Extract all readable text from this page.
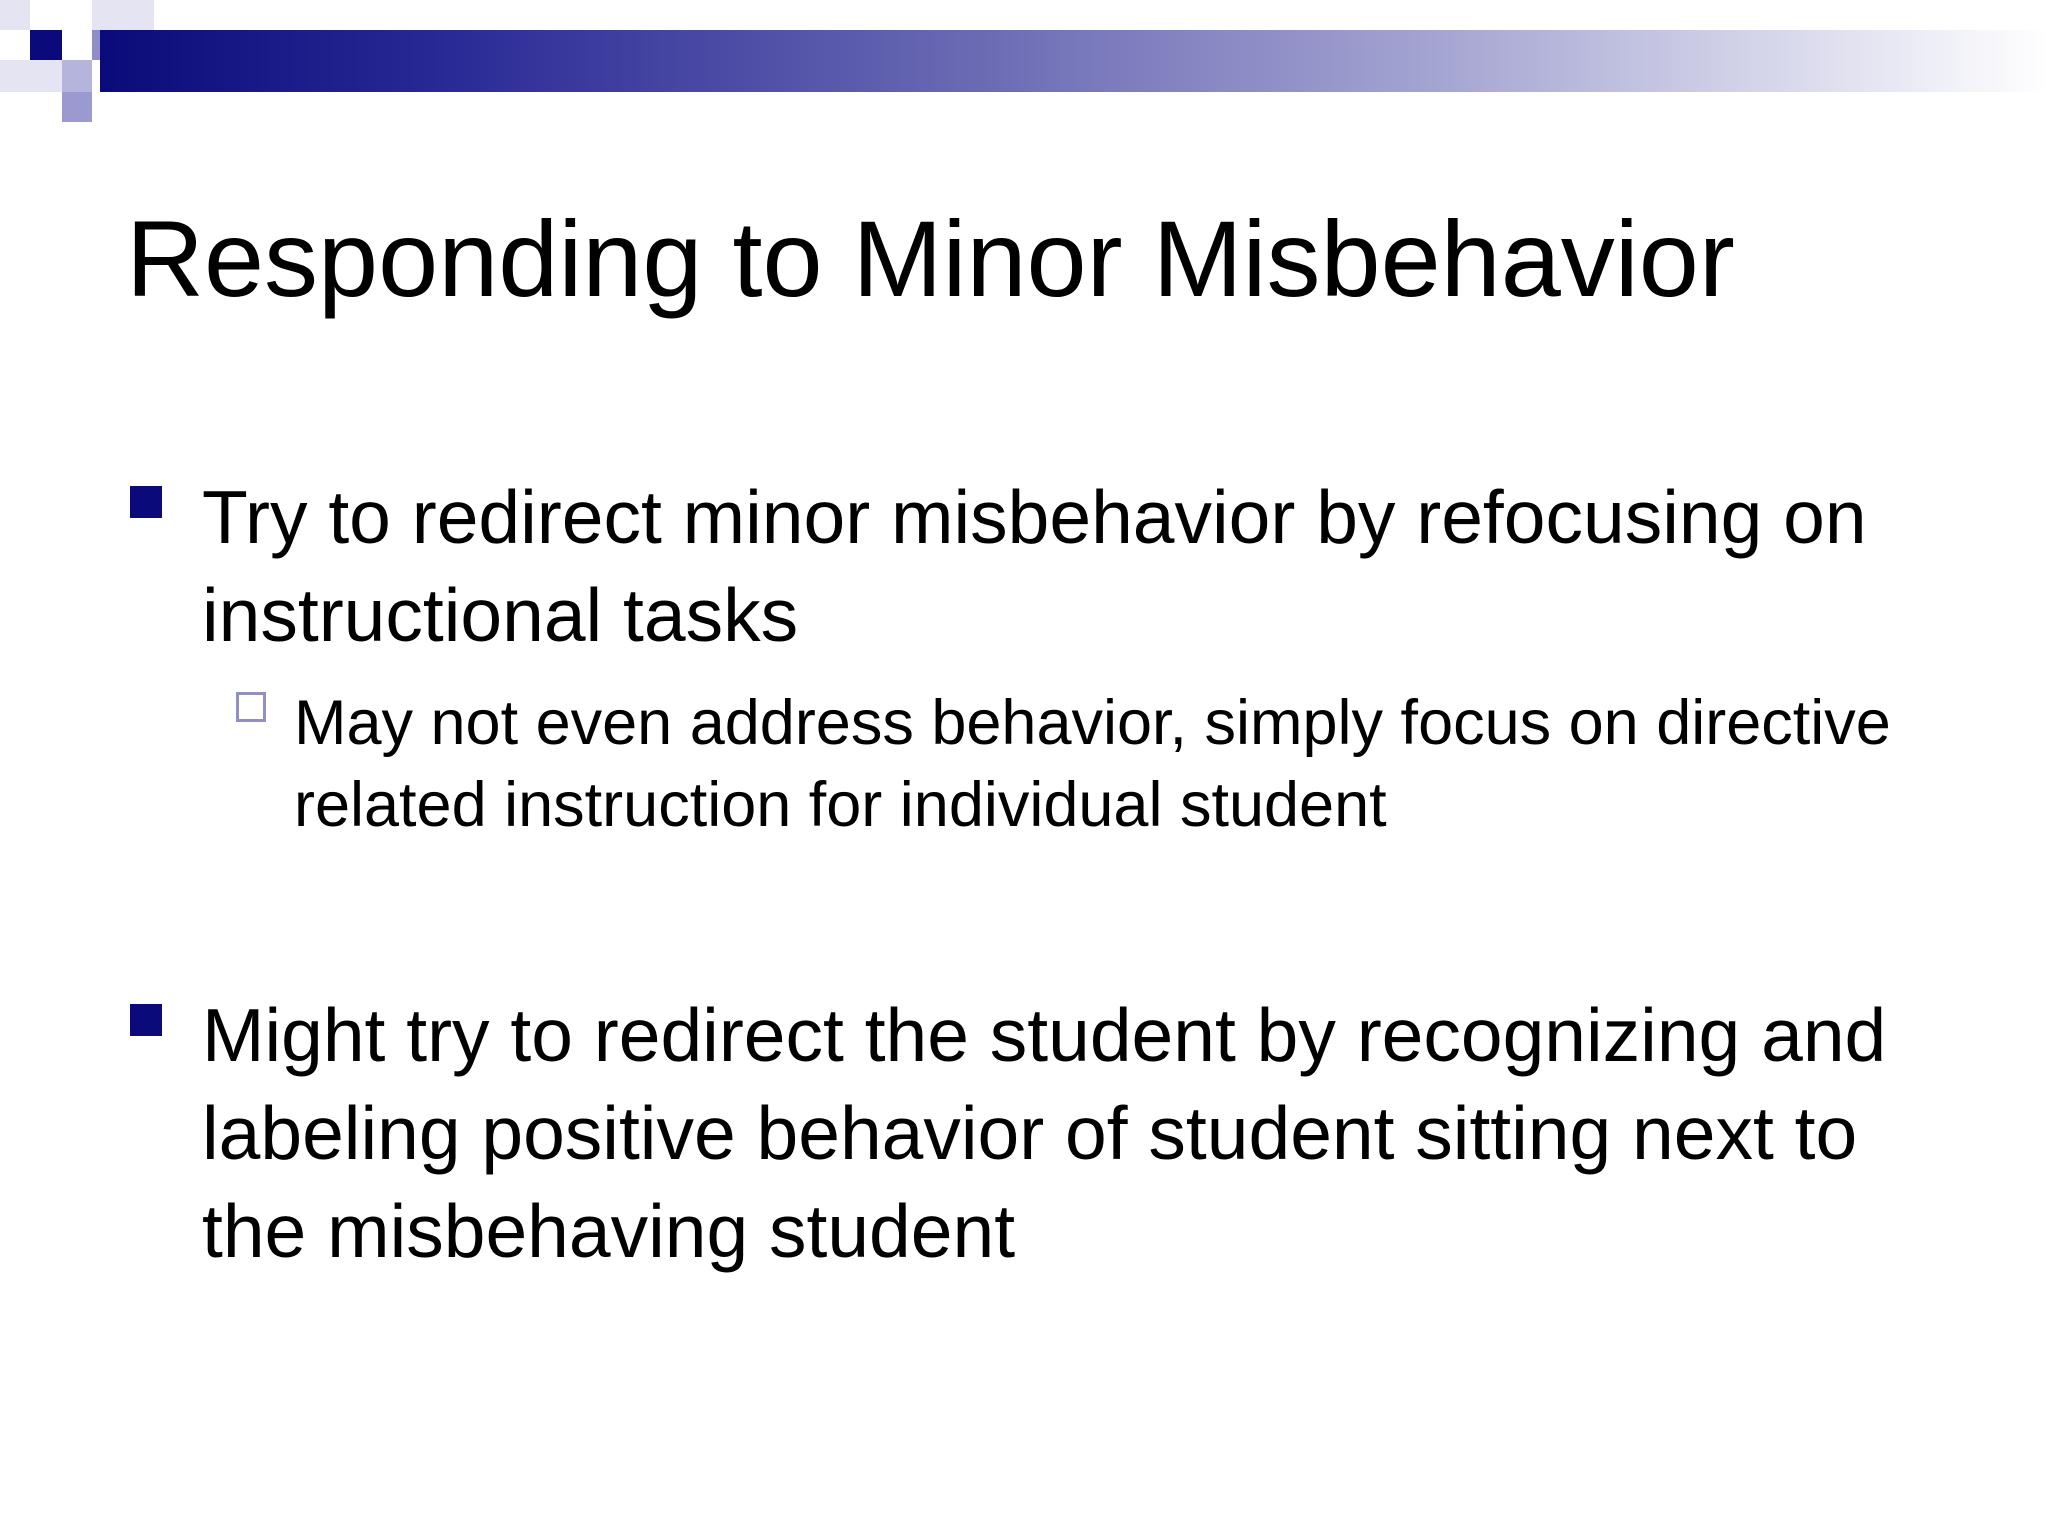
Responding to Minor Misbehavior
Try to redirect minor misbehavior by refocusing on instructional tasks
May not even address behavior, simply focus on directive related instruction for individual student
Might try to redirect the student by recognizing and labeling positive behavior of student sitting next to the misbehaving student
